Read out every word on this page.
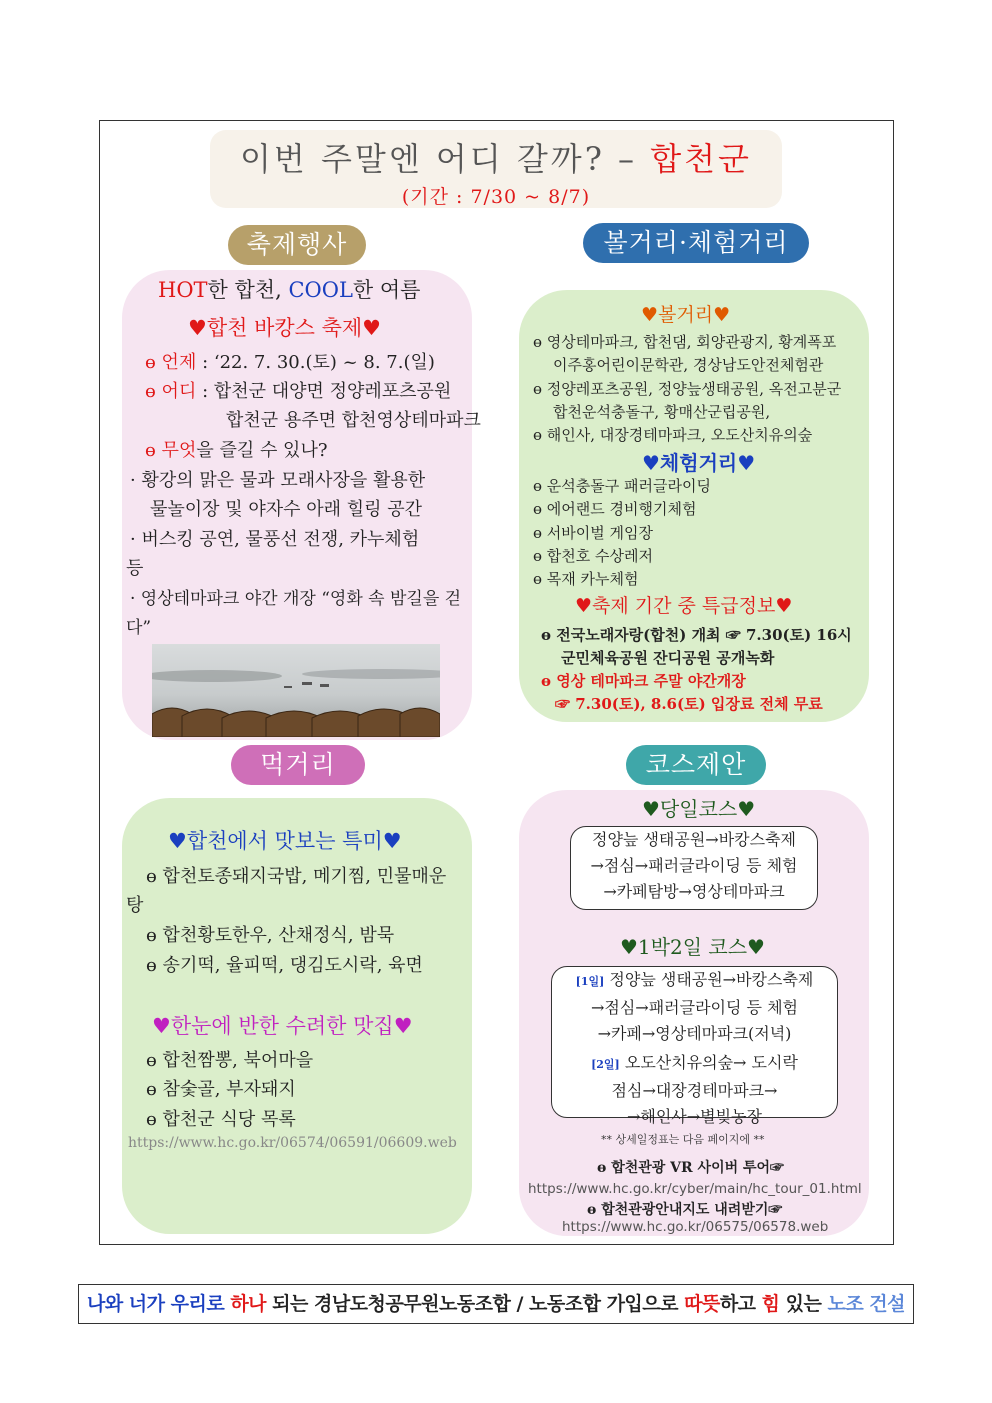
이번 주말엔 어디 갈까? – 합천군
(기간 : 7/30 ~ 8/7)
축제행사	볼거리·체험거리
먹거리	코스제안
HOT한 합천, COOL한 여름
♥합천 바캉스 축제♥
ɵ 언제 : ‘22. 7. 30.(토) ~ 8. 7.(일)
ɵ 어디 : 합천군 대양면 정양레포츠공원
합천군 용주면 합천영상테마파크
ɵ 무엇을 즐길 수 있나?
· 황강의 맑은 물과 모래사장을 활용한
물놀이장 및 야자수 아래 힐링 공간
· 버스킹 공연, 물풍선 전쟁, 카누체험
등
· 영상테마파크 야간 개장 “영화 속 밤길을 걷
다”
♥볼거리♥
ɵ 영상테마파크, 합천댐, 회양관광지, 황계폭포
이주홍어린이문학관, 경상남도안전체험관
ɵ 정양레포츠공원, 정양늪생태공원, 옥전고분군
합천운석충돌구, 황매산군립공원,
ɵ 해인사, 대장경테마파크, 오도산치유의숲
♥체험거리♥
ɵ 운석충돌구 패러글라이딩
ɵ 에어랜드 경비행기체험
ɵ 서바이벌 게임장
ɵ 합천호 수상레저
ɵ 목재 카누체험
♥축제 기간 중 특급정보♥
ɵ 전국노래자랑(합천) 개최 ☞ 7.30(토) 16시
군민체육공원 잔디공원 공개녹화
ɵ 영상 테마파크 주말 야간개장
☞ 7.30(토), 8.6(토) 입장료 전체 무료
♥합천에서 맛보는 특미♥
ɵ 합천토종돼지국밥, 메기찜, 민물매운
탕
ɵ 합천황토한우, 산채정식, 밤묵
ɵ 송기떡, 율피떡, 댕김도시락, 육면
♥한눈에 반한 수려한 맛집♥
ɵ 합천짬뽕, 북어마을
ɵ 참숯골, 부자돼지
ɵ 합천군 식당 목록
https://www.hc.go.kr/06574/06591/06609.web
♥당일코스♥
정양늪 생태공원→바캉스축제
→점심→패러글라이딩 등 체험
→카페탐방→영상테마파크
♥1박2일 코스♥
[1일] 정양늪 생태공원→바캉스축제
→점심→패러글라이딩 등 체험
→카페→영상테마파크(저녁)
[2일] 오도산치유의숲→ 도시락
점심→대장경테마파크→
→해인사→별빛농장
** 상세일정표는 다음 페이지에 **
ɵ 합천관광 VR 사이버 투어☞
https://www.hc.go.kr/cyber/main/hc_tour_01.html
ɵ 합천관광안내지도 내려받기☞
https://www.hc.go.kr/06575/06578.web
나와 너가 우리로 하나 되는 경남도청공무원노동조합 / 노동조합 가입으로 따뜻하고 힘 있는 노조 건설
